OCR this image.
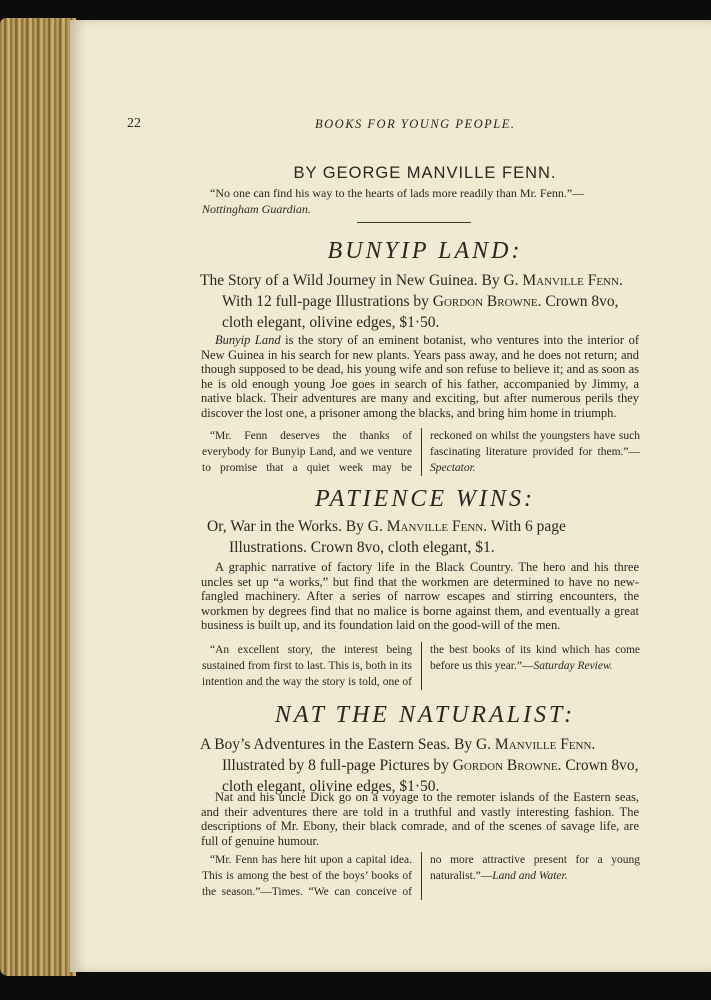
22	BOOKS FOR YOUNG PEOPLE.
BY GEORGE MANVILLE FENN.
“No one can find his way to the hearts of lads more readily than Mr. Fenn.”—
Nottingham Guardian.
BUNYIP LAND:
The Story of a Wild Journey in New Guinea. By G. Manville Fenn. With 12 full-page Illustrations by Gordon Browne. Crown 8vo, cloth elegant, olivine edges, $1·50.
Bunyip Land is the story of an eminent botanist, who ventures into the interior of New Guinea in his search for new plants. Years pass away, and he does not return; and though supposed to be dead, his young wife and son refuse to believe it; and as soon as he is old enough young Joe goes in search of his father, accompanied by Jimmy, a native black. Their adventures are many and exciting, but after numerous perils they discover the lost one, a prisoner among the blacks, and bring him home in triumph.
“Mr. Fenn deserves the thanks of everybody for Bunyip Land, and we venture to promise that a quiet week may be reckoned on whilst the youngsters have such fascinating literature provided for them.”—Spectator.
PATIENCE WINS:
Or, War in the Works. By G. Manville Fenn. With 6 page Illustrations. Crown 8vo, cloth elegant, $1.
A graphic narrative of factory life in the Black Country. The hero and his three uncles set up “a works,” but find that the workmen are determined to have no new-fangled machinery. After a series of narrow escapes and stirring encounters, the workmen by degrees find that no malice is borne against them, and eventually a great business is built up, and its foundation laid on the good-will of the men.
“An excellent story, the interest being sustained from first to last. This is, both in its intention and the way the story is told, one of the best books of its kind which has come before us this year.”—Saturday Review.
NAT THE NATURALIST:
A Boy’s Adventures in the Eastern Seas. By G. Manville Fenn. Illustrated by 8 full-page Pictures by Gordon Browne. Crown 8vo, cloth elegant, olivine edges, $1·50.
Nat and his uncle Dick go on a voyage to the remoter islands of the Eastern seas, and their adventures there are told in a truthful and vastly interesting fashion. The descriptions of Mr. Ebony, their black comrade, and of the scenes of savage life, are full of genuine humour.
“Mr. Fenn has here hit upon a capital idea. This is among the best of the boys’ books of the season.”—Times. “We can conceive of no more attractive present for a young naturalist.”—Land and Water.
